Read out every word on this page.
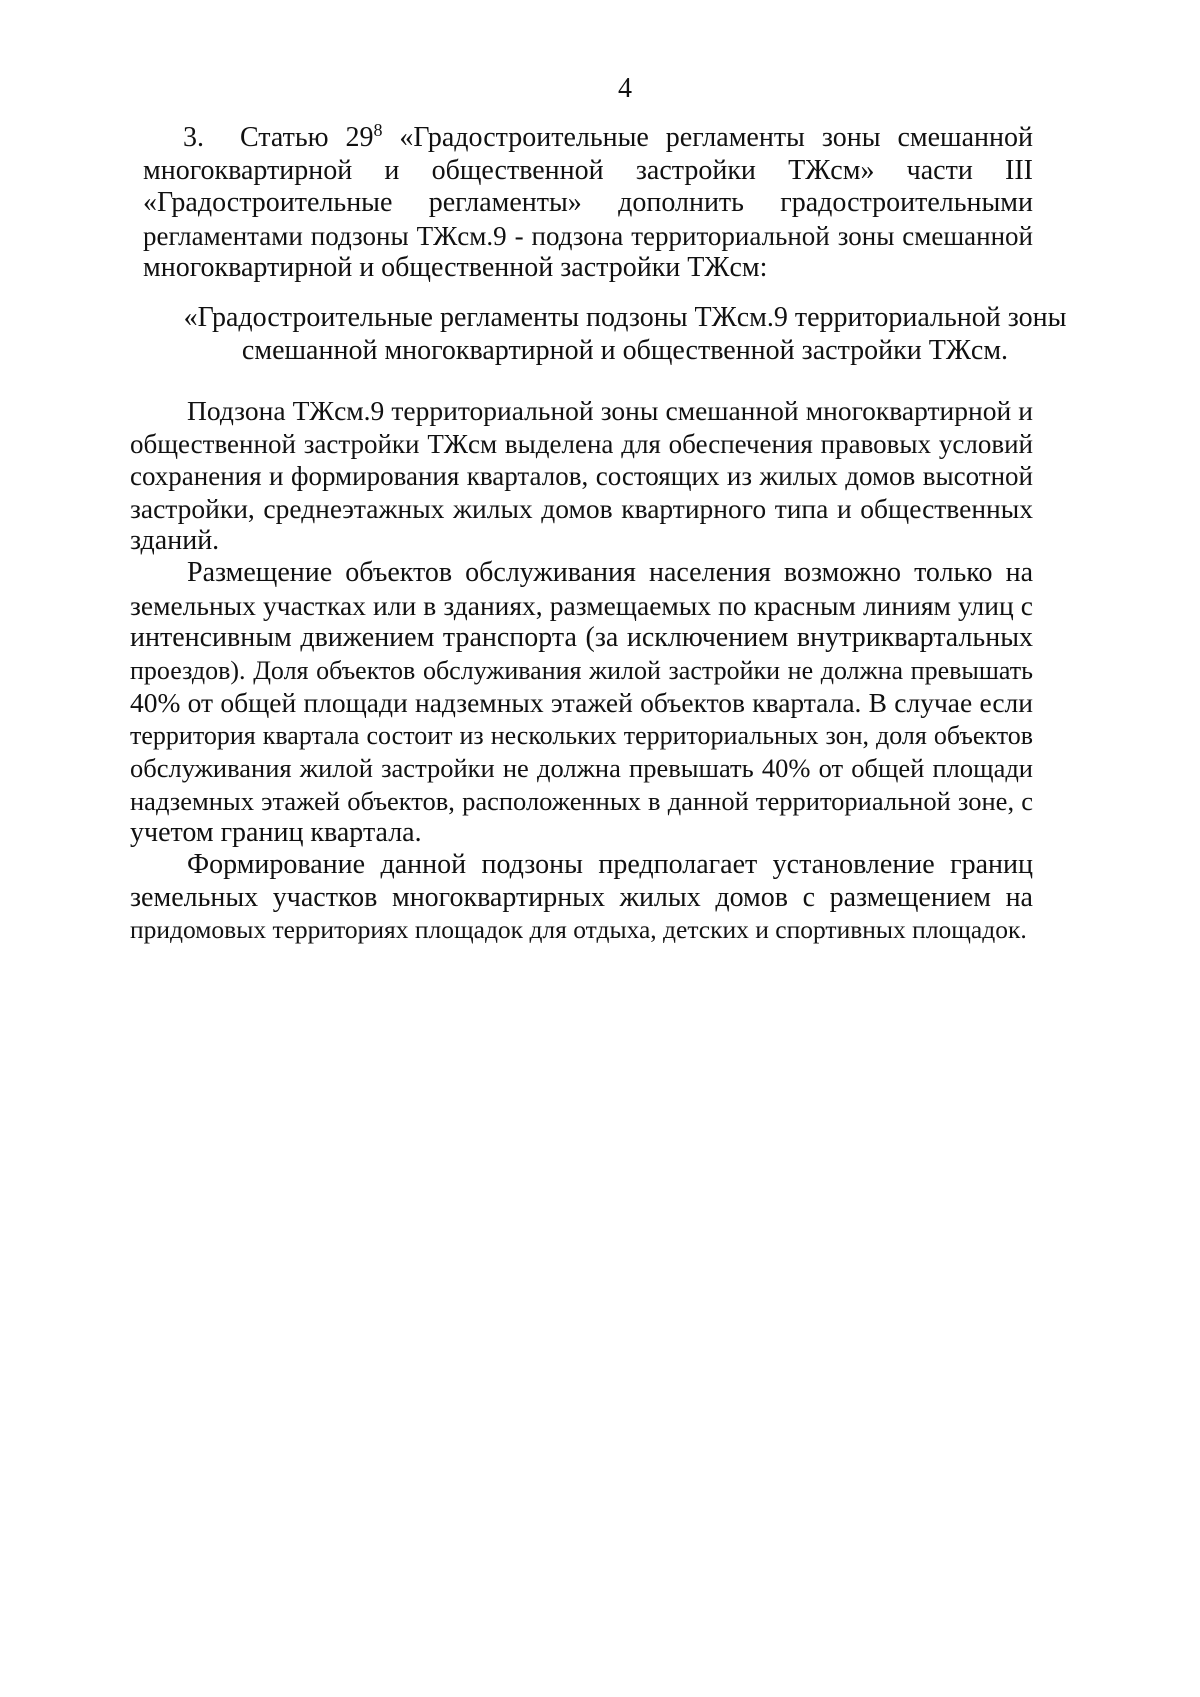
4
3. Статью $29^8$ «Градостроительные регламенты зоны смешанной
многоквартирной и общественной застройки ТЖсм» части III
«Градостроительные регламенты» дополнить градостроительными
регламентами подзоны ТЖсм.9 - подзона территориальной зоны смешанной
многоквартирной и общественной застройки ТЖсм:
«Градостроительные регламенты подзоны ТЖсм.9 территориальной зоны
смешанной многоквартирной и общественной застройки ТЖсм.
Подзона ТЖсм.9 территориальной зоны смешанной многоквартирной и
общественной застройки ТЖсм выделена для обеспечения правовых условий
сохранения и формирования кварталов, состоящих из жилых домов высотной
застройки, среднеэтажных жилых домов квартирного типа и общественных
зданий.
Размещение объектов обслуживания населения возможно только на
земельных участках или в зданиях, размещаемых по красным линиям улиц с
интенсивным движением транспорта (за исключением внутриквартальных
проездов). Доля объектов обслуживания жилой застройки не должна превышать
40% от общей площади надземных этажей объектов квартала. В случае если
территория квартала состоит из нескольких территориальных зон, доля объектов
обслуживания жилой застройки не должна превышать 40% от общей площади
надземных этажей объектов, расположенных в данной территориальной зоне, с
учетом границ квартала.
Формирование данной подзоны предполагает установление границ
земельных участков многоквартирных жилых домов с размещением на
придомовых территориях площадок для отдыха, детских и спортивных площадок.
